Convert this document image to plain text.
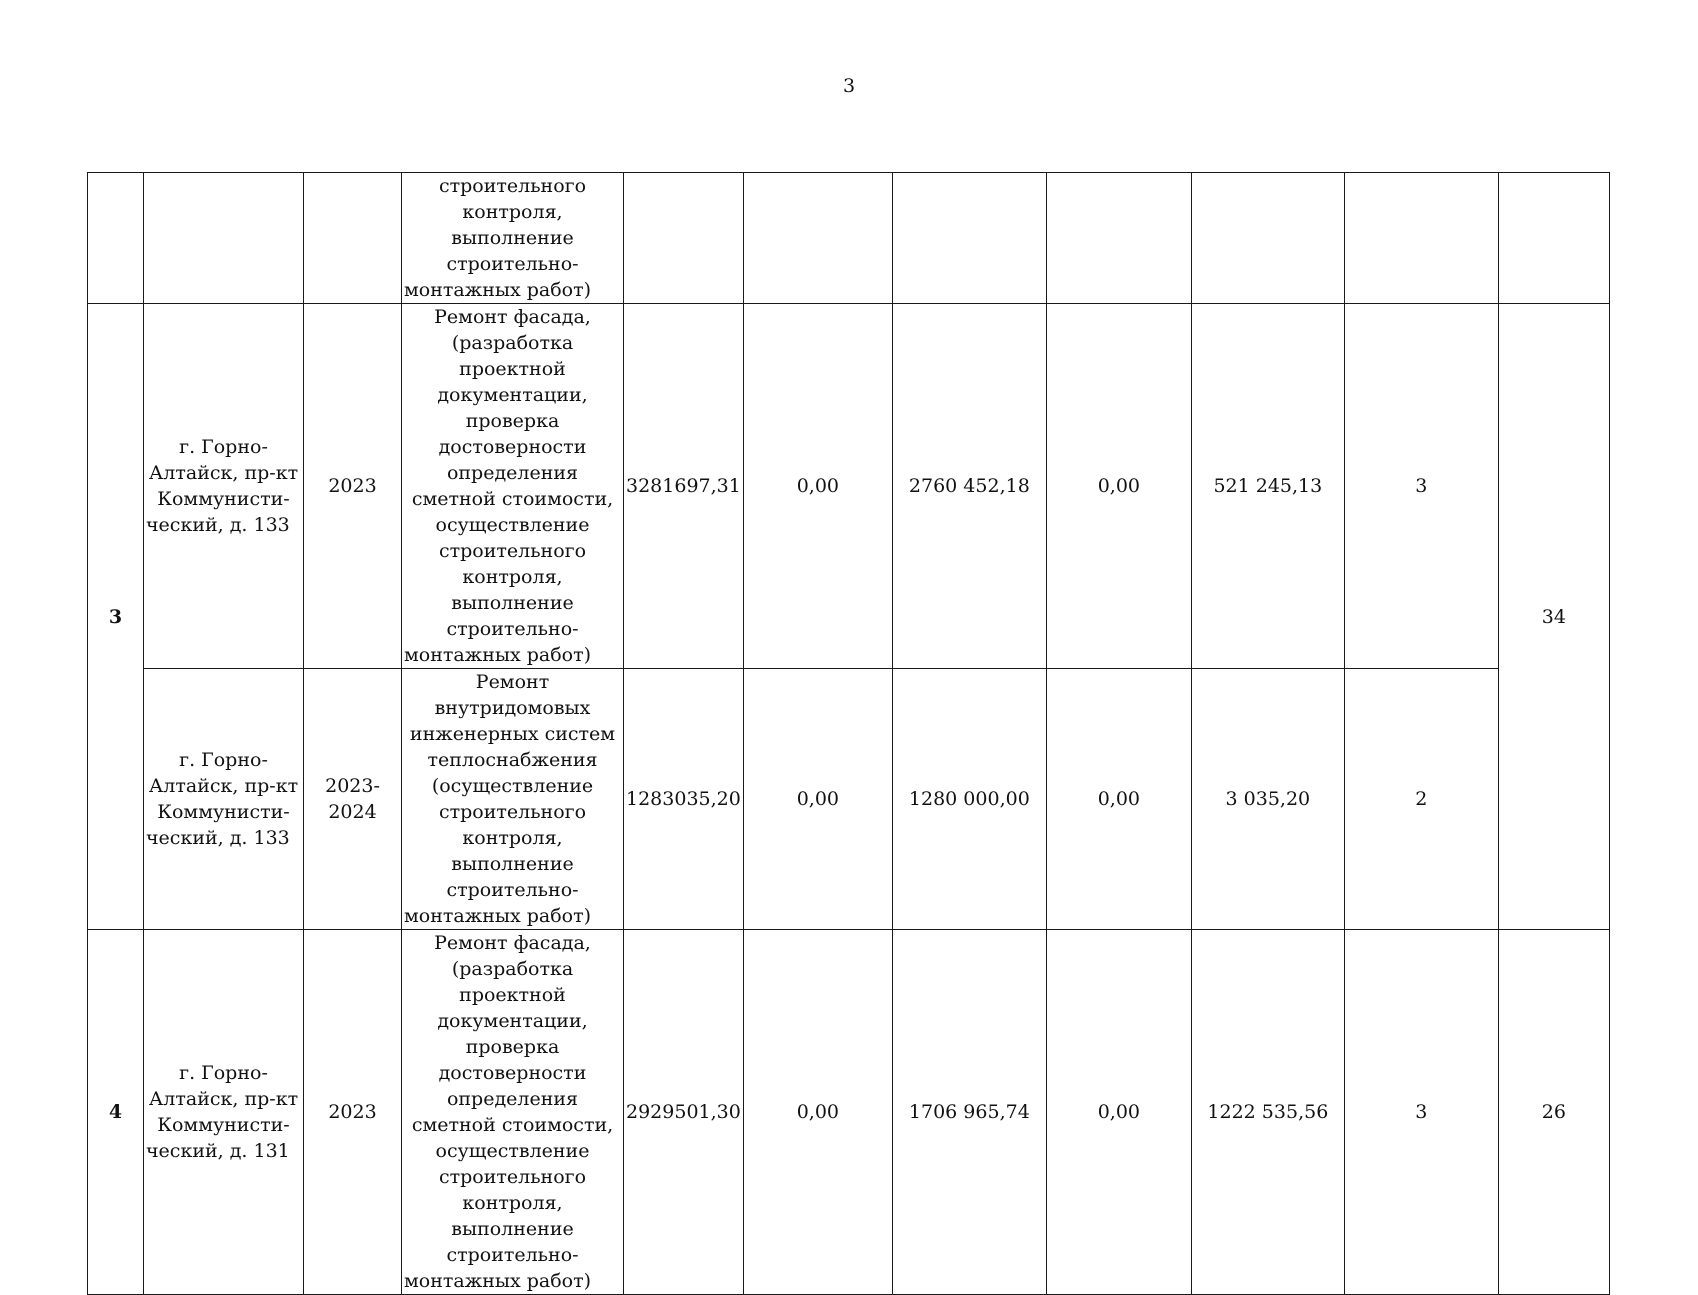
3

			строительного контроля, выполнение строительно-монтажных работ)							

3	г. Горно-Алтайск, пр-кт Коммунисти-ческий, д. 133	2023	Ремонт фасада, (разработка проектной документации, проверка достоверности определения сметной стоимости, осуществление строительного контроля, выполнение строительно-монтажных работ)	3281697,31	0,00	2760 452,18	0,00	521 245,13	3	34

	г. Горно-Алтайск, пр-кт Коммунисти-ческий, д. 133	2023-2024	Ремонт внутридомовых инженерных систем теплоснабжения (осуществление строительного контроля, выполнение строительно-монтажных работ)	1283035,20	0,00	1280 000,00	0,00	3 035,20	2	
4	г. Горно-Алтайск, пр-кт Коммунисти-ческий, д. 131	2023	Ремонт фасада, (разработка проектной документации, проверка достоверности определения сметной стоимости, осуществление строительного контроля, выполнение строительно-монтажных работ)	2929501,30	0,00	1706 965,74	0,00	1222 535,56	3	26
